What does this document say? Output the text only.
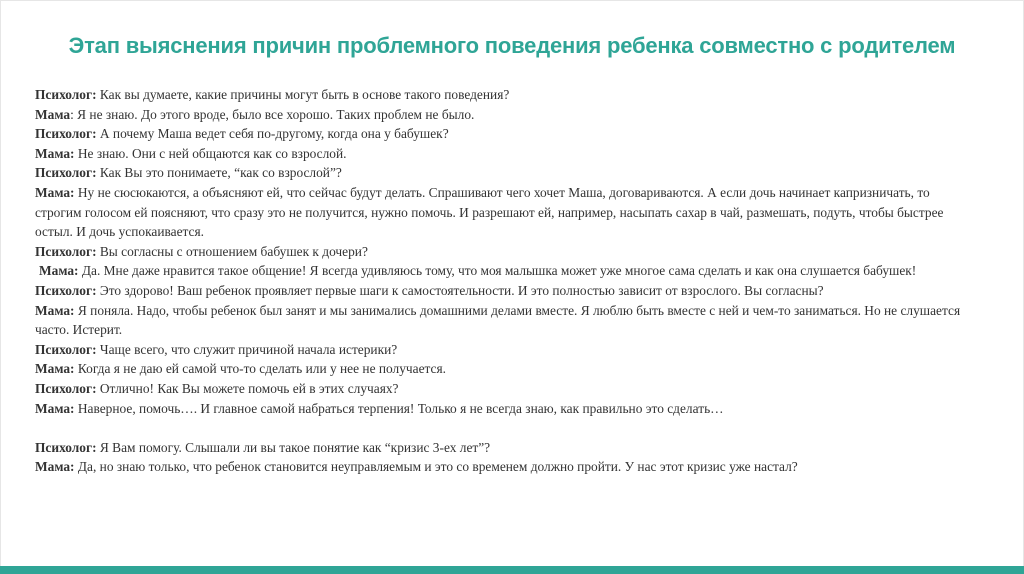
Этап выяснения причин проблемного поведения ребенка совместно с родителем

Психолог: Как вы думаете, какие причины могут быть в основе такого поведения?

Мама: Я не знаю. До этого вроде, было все хорошо. Таких проблем не было.

Психолог: А почему Маша ведет себя по-другому, когда она у бабушек?

Мама: Не знаю. Они с ней общаются как со взрослой.

Психолог: Как Вы это понимаете, “как со взрослой”?

Мама: Ну не сюсюкаются, а объясняют ей, что сейчас будут делать. Спрашивают чего хочет Маша, договариваются. А если дочь начинает капризничать, то строгим голосом ей поясняют, что сразу это не получится, нужно помочь. И разрешают ей, например, насыпать сахар в чай, размешать, подуть, чтобы быстрее остыл. И дочь успокаивается.

Психолог: Вы согласны с отношением бабушек к дочери?

Мама: Да. Мне даже нравится такое общение! Я всегда удивляюсь тому, что моя малышка может уже многое сама сделать и как она слушается бабушек!

Психолог: Это здорово! Ваш ребенок проявляет первые шаги к самостоятельности. И это полностью зависит от взрослого. Вы согласны?

Мама: Я поняла. Надо, чтобы ребенок был занят и мы занимались домашними делами вместе. Я люблю быть вместе с ней и чем-то заниматься. Но не слушается часто. Истерит.

Психолог: Чаще всего, что служит причиной начала истерики?

Мама: Когда я не даю ей самой что-то сделать или у нее не получается.

Психолог: Отлично! Как Вы можете помочь ей в этих случаях?

Мама: Наверное, помочь…. И главное самой набраться терпения! Только я не всегда знаю, как правильно это сделать…

Психолог: Я Вам помогу. Слышали ли вы такое понятие как “кризис 3-ех лет”?

Мама: Да, но знаю только, что ребенок становится неуправляемым и это со временем должно пройти. У нас этот кризис уже настал?
